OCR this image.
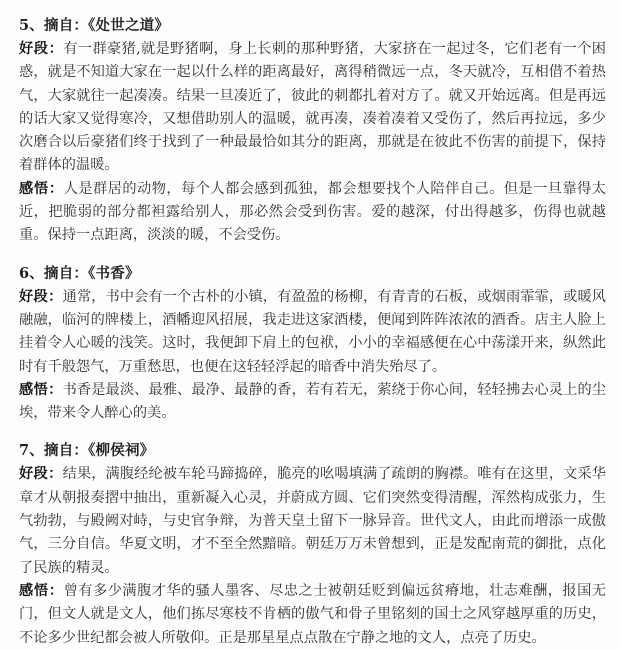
5、摘自：《处世之道》

好段：有一群豪猪,就是野猪啊，身上长刺的那种野猪，大家挤在一起过冬，它们老有一个困惑，就是不知道大家在一起以什么样的距离最好，离得稍微远一点，冬天就冷，互相借不着热气，大家就往一起凑凑。结果一旦凑近了，彼此的刺都扎着对方了。就又开始远离。但是再远的话大家又觉得寒冷，又想借助别人的温暖，就再凑，凑着凑着又受伤了，然后再拉远，多少次磨合以后豪猪们终于找到了一种最最恰如其分的距离，那就是在彼此不伤害的前提下，保持着群体的温暖。

感悟：人是群居的动物，每个人都会感到孤独，都会想要找个人陪伴自己。但是一旦靠得太近，把脆弱的部分都袒露给别人，那必然会受到伤害。爱的越深，付出得越多，伤得也就越重。保持一点距离，淡淡的暖，不会受伤。

6、摘自：《书香》

好段：通常，书中会有一个古朴的小镇，有盈盈的杨柳，有青青的石板，或烟雨霏霏，或暖风融融，临河的牌楼上，酒幡迎风招展，我走进这家酒楼，便闻到阵阵浓浓的酒香。店主人脸上挂着令人心暖的浅笑。这时，我便卸下肩上的包袱，小小的幸福感便在心中荡漾开来，纵然此时有千般怨气，万重愁思，也便在这轻轻浮起的暗香中消失殆尽了。

感悟：书香是最淡、最雅、最净、最静的香，若有若无，萦绕于你心间，轻轻拂去心灵上的尘埃，带来令人醉心的美。

7、摘自：《柳侯祠》

好段：结果，满腹经纶被车轮马蹄捣碎，脆亮的吆喝填满了疏朗的胸襟。唯有在这里，文采华章才从朝报奏摺中抽出，重新凝入心灵，并蔚成方圆、它们突然变得清醒，浑然构成张力，生气勃勃，与殿阙对峙，与史官争辩，为普天皇土留下一脉异音。世代文人，由此而增添一成傲气，三分自信。华夏文明，才不至全然黯暗。朝廷万万未曾想到，正是发配南荒的御批，点化了民族的精灵。

感悟：曾有多少满腹才华的骚人墨客、尽忠之士被朝廷贬到偏远贫瘠地，壮志难酬，报国无门，但文人就是文人，他们拣尽寒枝不肯栖的傲气和骨子里铭刻的国士之风穿越厚重的历史，不论多少世纪都会被人所敬仰。正是那星星点点散在宁静之地的文人，点亮了历史。
